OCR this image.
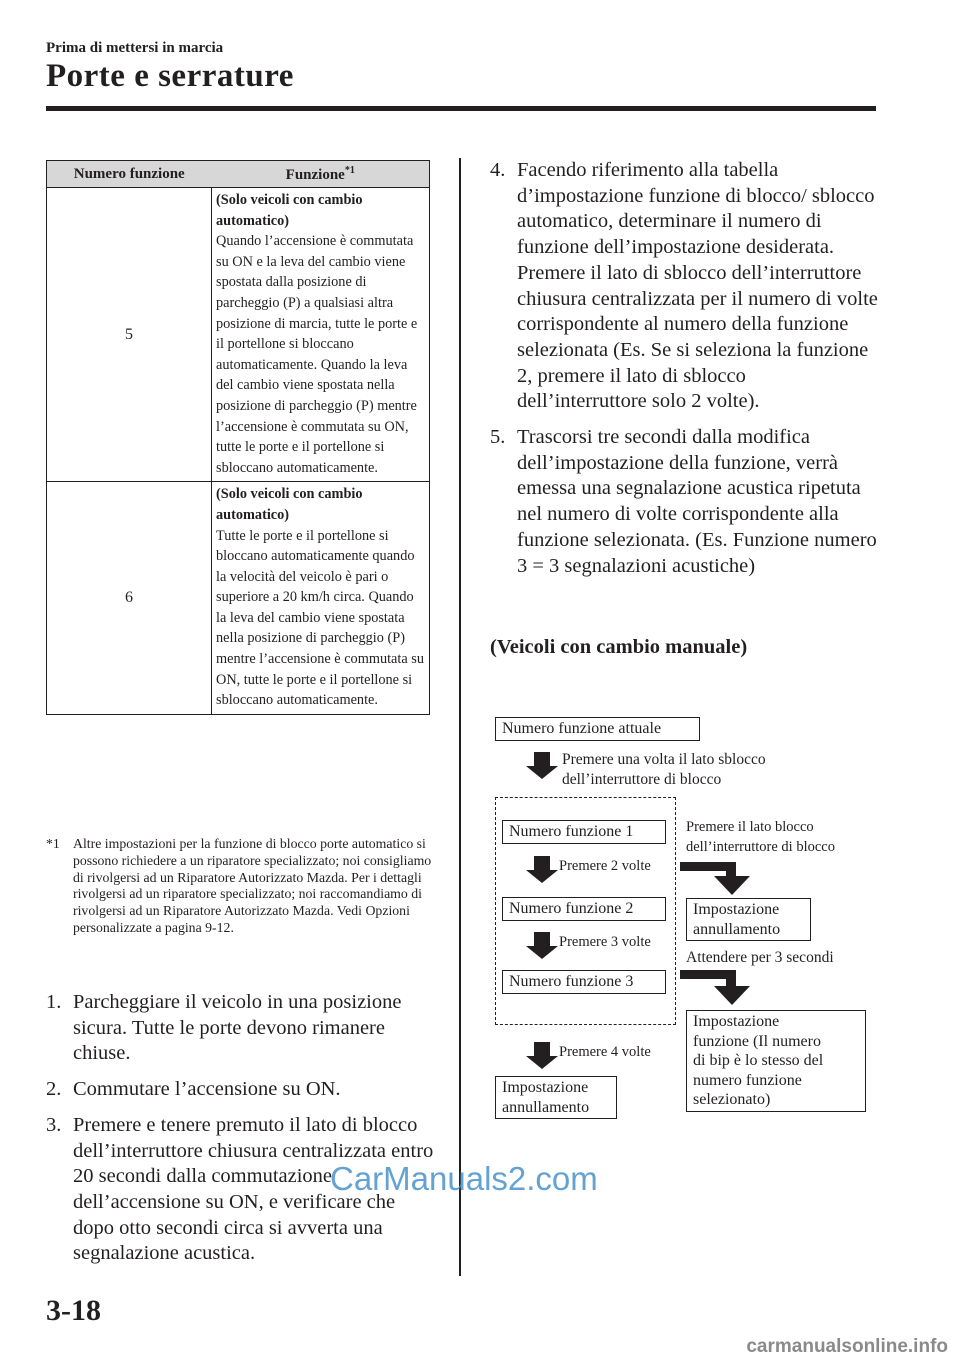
Prima di mettersi in marcia
Porte e serrature
Numero funzione	Funzione$^{*1}$
5	(Solo veicoli con cambio automatico)
Quando l’accensione è commutata su ON e la leva del cambio viene spostata dalla posizione di parcheggio (P) a qualsiasi altra posizione di marcia, tutte le porte e il portellone si bloccano automaticamente. Quando la leva del cambio viene spostata nella posizione di parcheggio (P) mentre l’accensione è commutata su ON, tutte le porte e il portellone si sbloccano automaticamente.
6	(Solo veicoli con cambio automatico)
Tutte le porte e il portellone si bloccano automaticamente quando la velocità del veicolo è pari o superiore a 20 km/h circa. Quando la leva del cambio viene spostata nella posizione di parcheggio (P) mentre l’accensione è commutata su ON, tutte le porte e il portellone si sbloccano automaticamente.
*1 Altre impostazioni per la funzione di blocco porte automatico si possono richiedere a un riparatore specializzato; noi consigliamo di rivolgersi ad un Riparatore Autorizzato Mazda. Per i dettagli rivolgersi ad un riparatore specializzato; noi raccomandiamo di rivolgersi ad un Riparatore Autorizzato Mazda. Vedi Opzioni personalizzate a pagina 9-12.
1. Parcheggiare il veicolo in una posizione sicura. Tutte le porte devono rimanere chiuse.
2. Commutare l’accensione su ON.
3. Premere e tenere premuto il lato di blocco dell’interruttore chiusura centralizzata entro 20 secondi dalla commutazione dell’accensione su ON, e verificare che dopo otto secondi circa si avverta una segnalazione acustica.
4. Facendo riferimento alla tabella d’impostazione funzione di blocco/ sblocco automatico, determinare il numero di funzione dell’impostazione desiderata. Premere il lato di sblocco dell’interruttore chiusura centralizzata per il numero di volte corrispondente al numero della funzione selezionata (Es. Se si seleziona la funzione 2, premere il lato di sblocco dell’interruttore solo 2 volte).
5. Trascorsi tre secondi dalla modifica dell’impostazione della funzione, verrà emessa una segnalazione acustica ripetuta nel numero di volte corrispondente alla funzione selezionata. (Es. Funzione numero 3 = 3 segnalazioni acustiche)
(Veicoli con cambio manuale)
Numero funzione attuale
Premere una volta il lato sblocco
dell’interruttore di blocco
Numero funzione 1
Premere 2 volte
Numero funzione 2
Premere 3 volte
Numero funzione 3
Premere 4 volte
Impostazione
annullamento
Premere il lato blocco
dell’interruttore di blocco
Impostazione
annullamento
Attendere per 3 secondi
Impostazione
funzione (Il numero
di bip è lo stesso del
numero funzione
selezionato)
3-18
CarManuals2.com
carmanualsonline.info
